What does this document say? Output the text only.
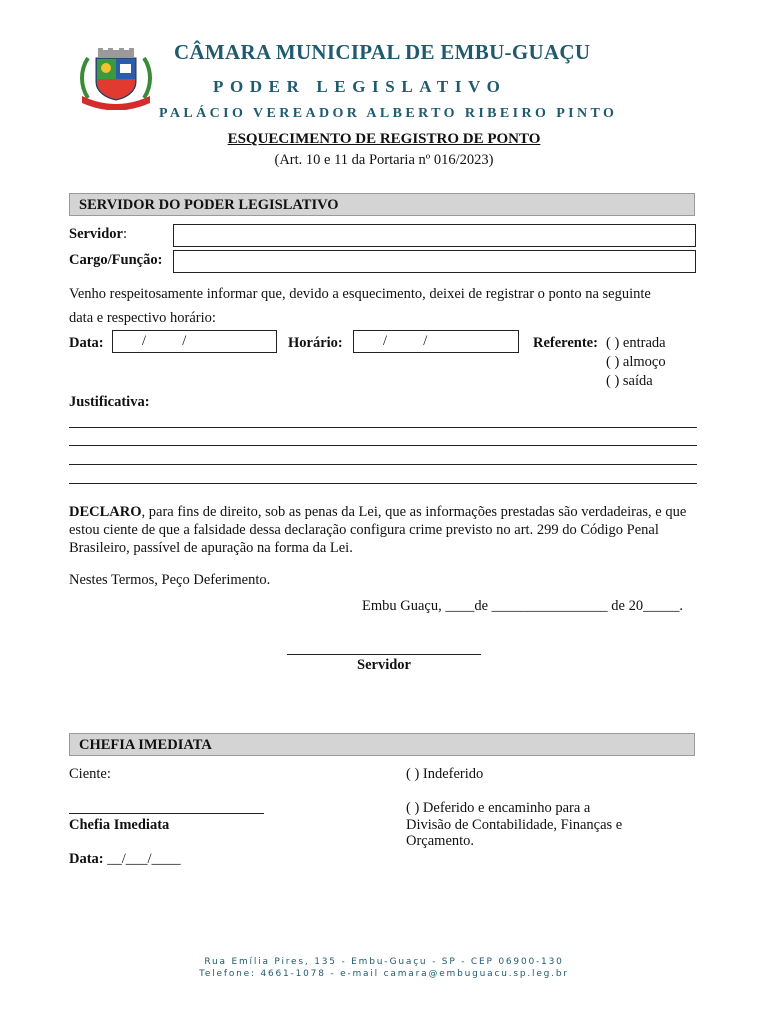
CÂMARA MUNICIPAL DE EMBU-GUAÇU
PODER LEGISLATIVO
PALÁCIO VEREADOR ALBERTO RIBEIRO PINTO
ESQUECIMENTO DE REGISTRO DE PONTO
(Art. 10 e 11 da Portaria nº 016/2023)
SERVIDOR DO PODER LEGISLATIVO
Servidor:
Cargo/Função:
Venho respeitosamente informar que, devido a esquecimento, deixei de registrar o ponto na seguinte
data e respectivo horário:
Data: /          /	Horário: /          /	Referente: ( ) entrada
( ) almoço
( ) saída
Justificativa:
DECLARO, para fins de direito, sob as penas da Lei, que as informações prestadas são verdadeiras, e que estou ciente de que a falsidade dessa declaração configura crime previsto no art. 299 do Código Penal Brasileiro, passível de apuração na forma da Lei.
Nestes Termos, Peço Deferimento.
Embu Guaçu, ____de ________________ de 20_____.
Servidor
CHEFIA IMEDIATA
Ciente:
Chefia Imediata
Data: __/___/____
( ) Indeferido
( ) Deferido e encaminho para a
Divisão de Contabilidade, Finanças e
Orçamento.
Rua Emília Pires, 135 - Embu-Guaçu - SP - CEP 06900-130
Telefone: 4661-1078 - e-mail camara@embuguacu.sp.leg.br
